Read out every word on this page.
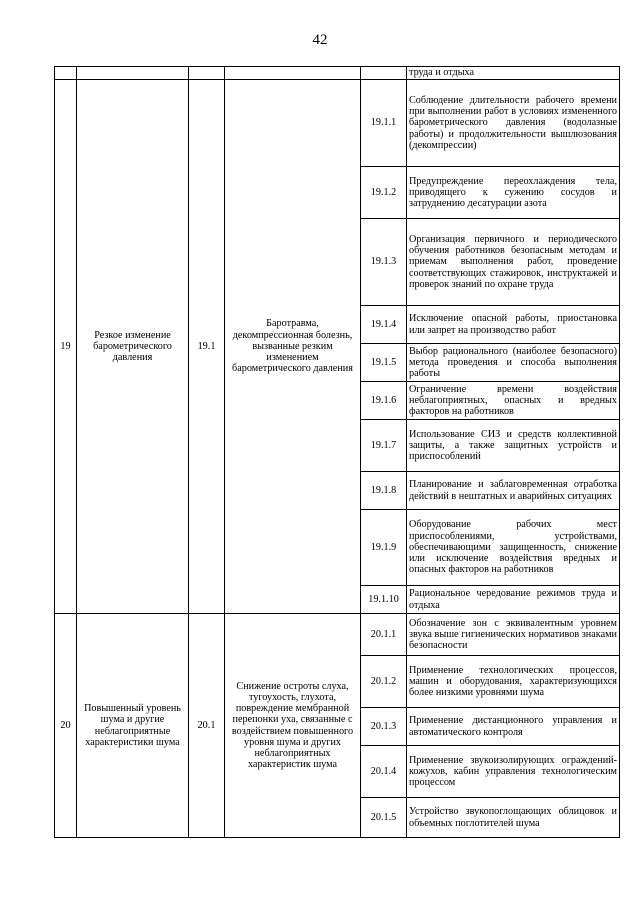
42
					труда и отдыха
19	Резкое изменение барометрического давления	19.1	Баротравма, декомпрессионная болезнь, вызванные резким изменением барометрического давления	19.1.1	Соблюдение длительности рабочего времени при выполнении работ в условиях измененного барометрического давления (водолазные работы) и продолжительности вышлюзования (декомпрессии)

				19.1.2	Предупреждение переохлаждения тела, приводящего к сужению сосудов и затруднению десатурации азота

				19.1.3	Организация первичного и периодического обучения работников безопасным методам и приемам выполнения работ, проведение соответствующих стажировок, инструктажей и проверок знаний по охране труда

				19.1.4	Исключение опасной работы, приостановка или запрет на производство работ

				19.1.5	Выбор рационального (наиболее безопасного) метода проведения и способа выполнения работы

				19.1.6	Ограничение времени воздействия неблагоприятных, опасных и вредных факторов на работников

				19.1.7	Использование СИЗ и средств коллективной защиты, а также защитных устройств и приспособлений

				19.1.8	Планирование и заблаговременная отработка действий в нештатных и аварийных ситуациях

				19.1.9	Оборудование рабочих мест приспособлениями, устройствами, обеспечивающими защищенность, снижение или исключение воздействия вредных и опасных факторов на работников

				19.1.10	Рациональное чередование режимов труда и отдыха

20	Повышенный уровень шума и другие неблагоприятные характеристики шума	20.1	Снижение остроты слуха, тугоухость, глухота, повреждение мембранной перепонки уха, связанные с воздействием повышенного уровня шума и других неблагоприятных характеристик шума	20.1.1	Обозначение зон с эквивалентным уровнем звука выше гигиенических нормативов знаками безопасности

				20.1.2	Применение технологических процессов, машин и оборудования, характеризующихся более низкими уровнями шума

				20.1.3	Применение дистанционного управления и автоматического контроля

				20.1.4	Применение звукоизолирующих ограждений-кожухов, кабин управления технологическим процессом

				20.1.5	Устройство звукопоглощающих облицовок и объемных поглотителей шума
